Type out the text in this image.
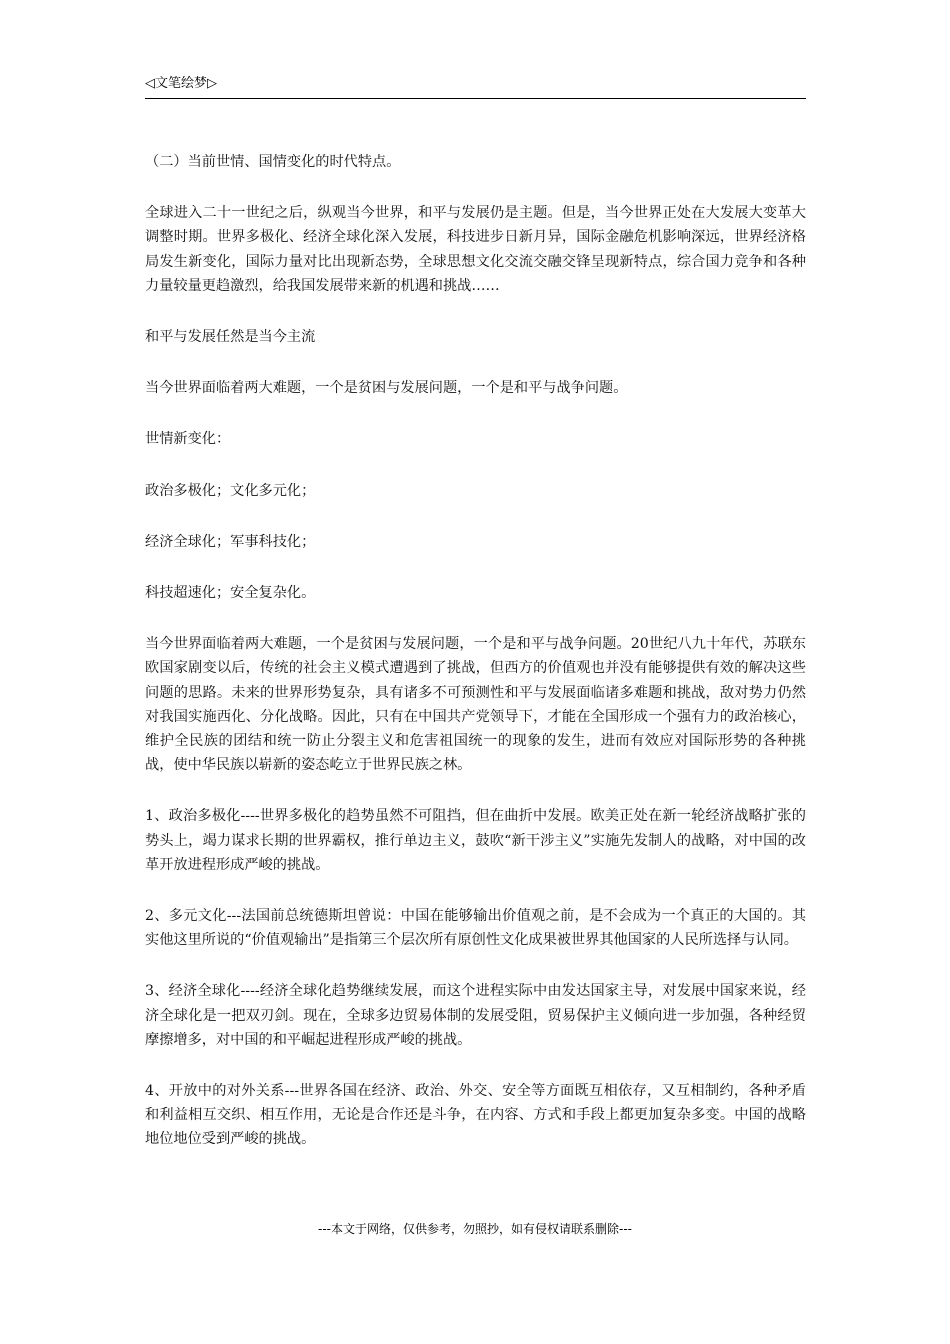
◁文笔绘梦▷

（二）当前世情、国情变化的时代特点。

全球进入二十一世纪之后，纵观当今世界，和平与发展仍是主题。但是，当今世界正处在大发展大变革大调整时期。世界多极化、经济全球化深入发展，科技进步日新月异，国际金融危机影响深远，世界经济格局发生新变化，国际力量对比出现新态势，全球思想文化交流交融交锋呈现新特点，综合国力竞争和各种力量较量更趋激烈，给我国发展带来新的机遇和挑战……

和平与发展任然是当今主流

当今世界面临着两大难题，一个是贫困与发展问题，一个是和平与战争问题。

世情新变化：

政治多极化；文化多元化；

经济全球化；军事科技化；

科技超速化；安全复杂化。

当今世界面临着两大难题，一个是贫困与发展问题，一个是和平与战争问题。20世纪八九十年代，苏联东欧国家剧变以后，传统的社会主义模式遭遇到了挑战，但西方的价值观也并没有能够提供有效的解决这些问题的思路。未来的世界形势复杂，具有诸多不可预测性和平与发展面临诸多难题和挑战，敌对势力仍然对我国实施西化、分化战略。因此，只有在中国共产党领导下，才能在全国形成一个强有力的政治核心，维护全民族的团结和统一防止分裂主义和危害祖国统一的现象的发生，进而有效应对国际形势的各种挑战，使中华民族以崭新的姿态屹立于世界民族之林。

1、政治多极化----世界多极化的趋势虽然不可阻挡，但在曲折中发展。欧美正处在新一轮经济战略扩张的势头上，竭力谋求长期的世界霸权，推行单边主义，鼓吹“新干涉主义”实施先发制人的战略，对中国的改革开放进程形成严峻的挑战。

2、多元文化---法国前总统德斯坦曾说：中国在能够输出价值观之前，是不会成为一个真正的大国的。其实他这里所说的“价值观输出”是指第三个层次所有原创性文化成果被世界其他国家的人民所选择与认同。

3、经济全球化----经济全球化趋势继续发展，而这个进程实际中由发达国家主导，对发展中国家来说，经济全球化是一把双刃剑。现在，全球多边贸易体制的发展受阻，贸易保护主义倾向进一步加强，各种经贸摩擦增多，对中国的和平崛起进程形成严峻的挑战。

4、开放中的对外关系---世界各国在经济、政治、外交、安全等方面既互相依存，又互相制约，各种矛盾和利益相互交织、相互作用，无论是合作还是斗争，在内容、方式和手段上都更加复杂多变。中国的战略地位地位受到严峻的挑战。

---本文于网络，仅供参考，勿照抄，如有侵权请联系删除---
